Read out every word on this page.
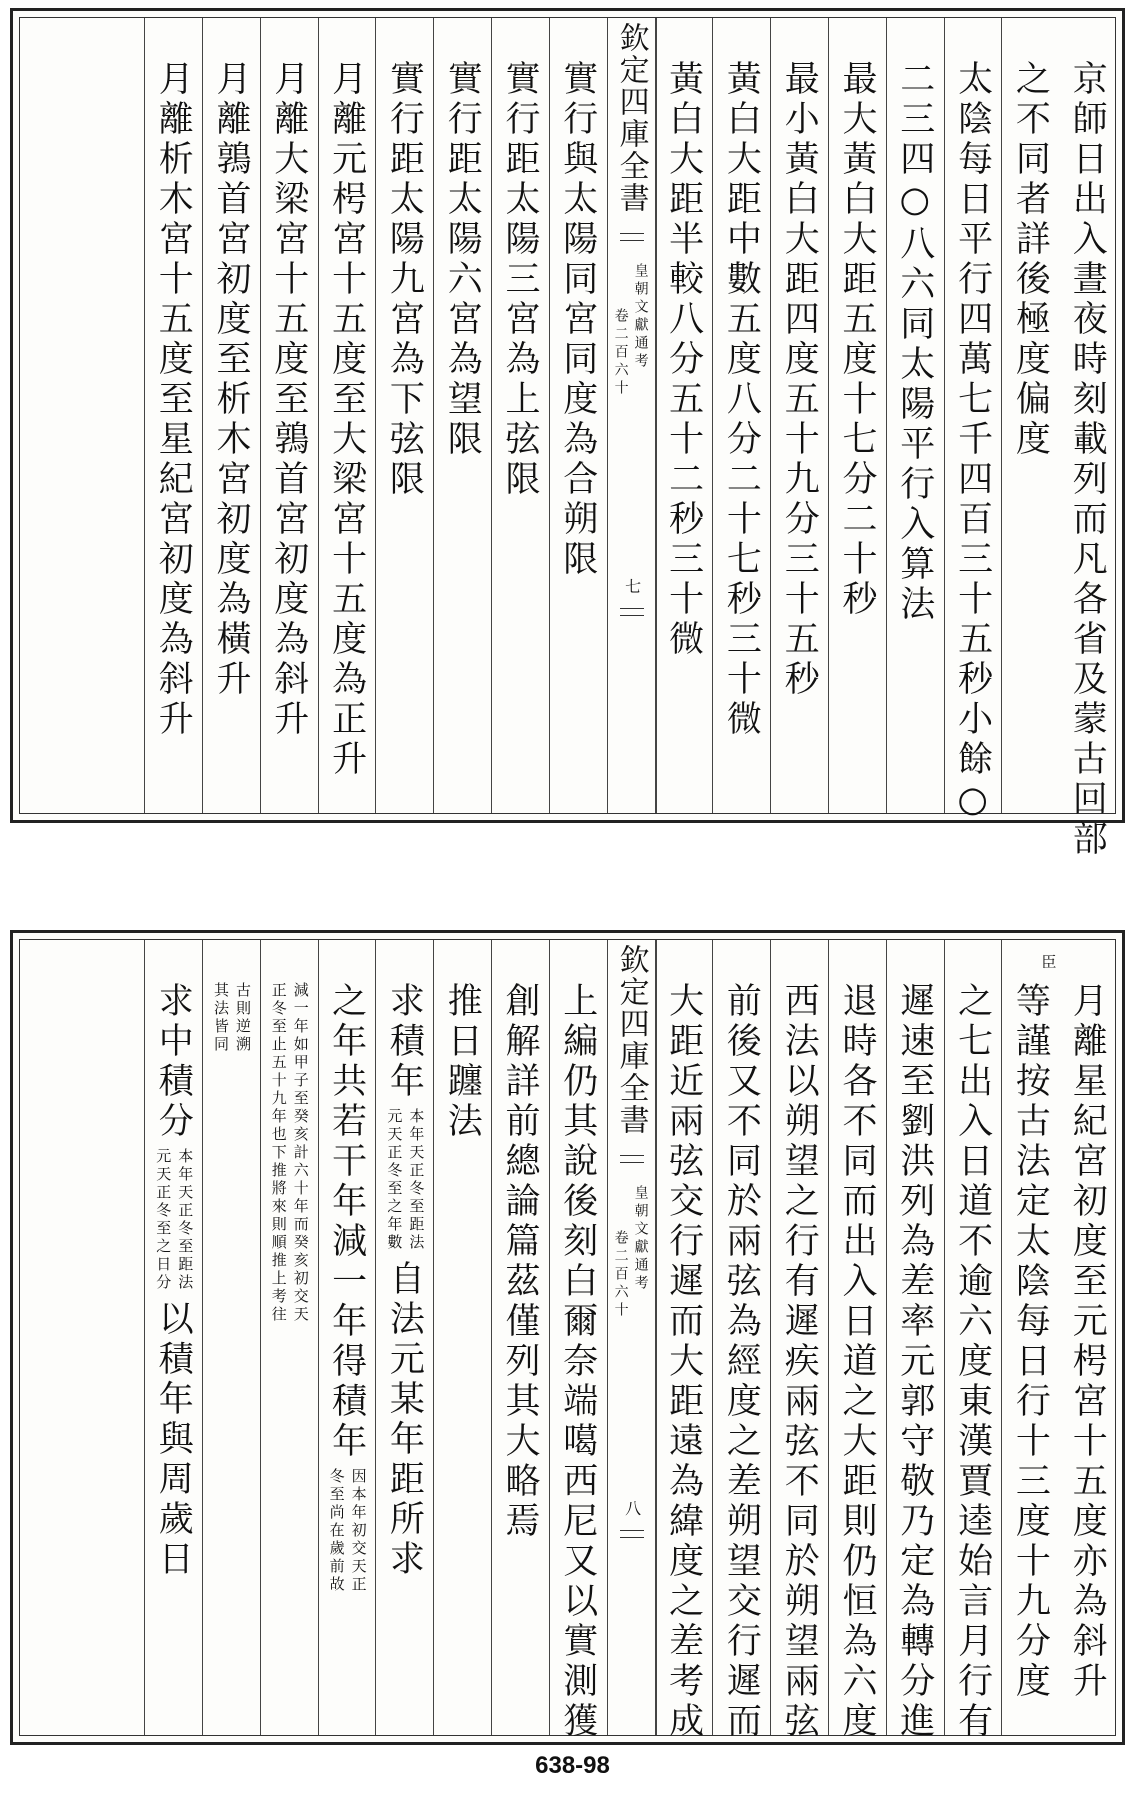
京師日出入晝夜時刻載列而凡各省及蒙古回部
之不同者詳後極度偏度
太陰每日平行四萬七千四百三十五秒小餘○
二三四○八六同太陽平行入算法
最大黃白大距五度十七分二十秒
最小黃白大距四度五十九分三十五秒
黃白大距中數五度八分二十七秒三十微
黃白大距半較八分五十二秒三十微
欽定四庫全書
皇朝文獻通考
卷二百六十
七
實行與太陽同宮同度為合朔限
實行距太陽三宮為上弦限
實行距太陽六宮為望限
實行距太陽九宮為下弦限
月離元枵宮十五度至大梁宮十五度為正升
月離大梁宮十五度至鶉首宮初度為斜升
月離鶉首宮初度至析木宮初度為橫升
月離析木宮十五度至星紀宮初度為斜升
月離星紀宮初度至元枵宮十五度亦為斜升
臣
等謹按古法定太陰每日行十三度十九分度
之七出入日道不逾六度東漢賈逵始言月行有
遲速至劉洪列為差率元郭守敬乃定為轉分進
退時各不同而出入日道之大距則仍恒為六度
西法以朔望之行有遲疾兩弦不同於朔望兩弦
前後又不同於兩弦為經度之差朔望交行遲而
大距近兩弦交行遲而大距遠為緯度之差考成
欽定四庫全書
皇朝文獻通考
卷二百六十
八
上編仍其說後刻白爾奈端噶西尼又以實測獲
創解詳前總論篇茲僅列其大略焉
推日躔法
求積年
本年天正冬至距法
元天正冬至之年數
自法元某年距所求
之年共若干年減一年得積年
因本年初交天正
冬至尚在歲前故
減一年如甲子至癸亥計六十年而癸亥初交天
正冬至止五十九年也下推將來則順推上考往
古則逆溯
其法皆同
求中積分
本年天正冬至距法
元天正冬至之日分
以積年與周歲日
638-98
